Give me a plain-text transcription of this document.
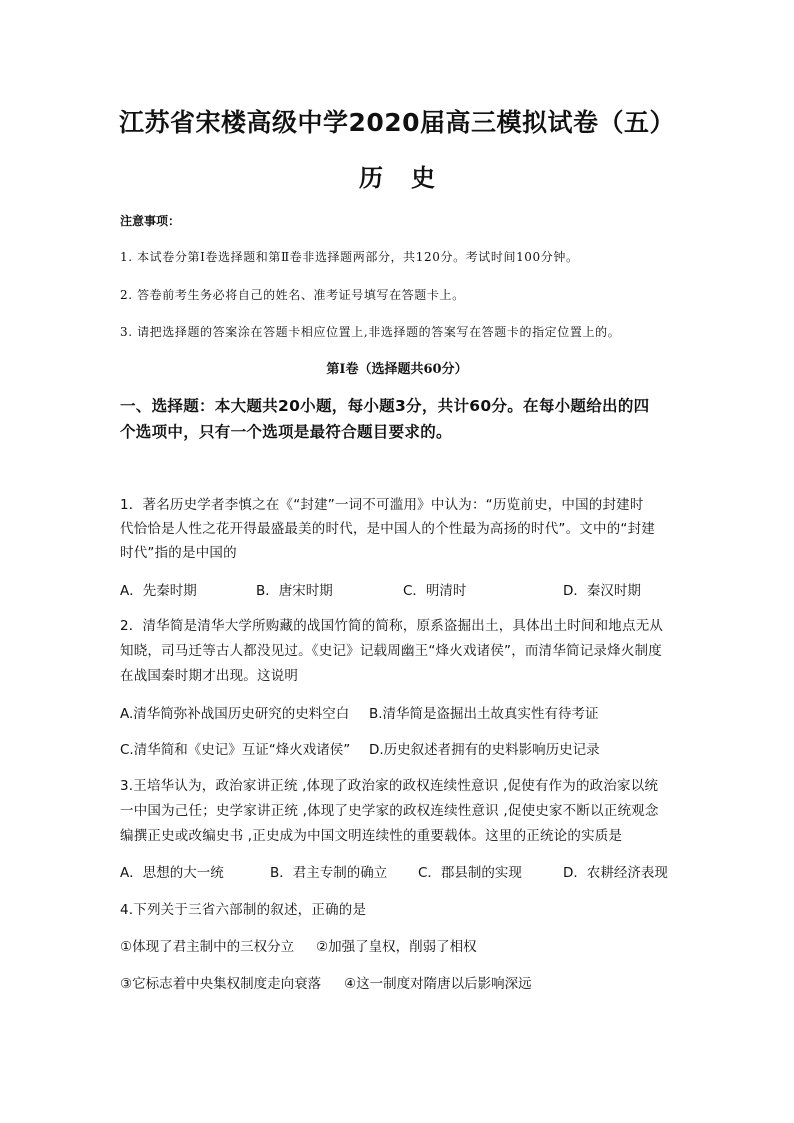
江苏省宋楼高级中学2020届高三模拟试卷（五）
历史
注意事项：
1. 本试卷分第Ⅰ卷选择题和第Ⅱ卷非选择题两部分，共120分。考试时间100分钟。
2. 答卷前考生务必将自己的姓名、准考证号填写在答题卡上。
3. 请把选择题的答案涂在答题卡相应位置上,非选择题的答案写在答题卡的指定位置上的。
第Ⅰ卷（选择题共60分）
一、选择题：本大题共20小题，每小题3分，共计60分。在每小题给出的四
个选项中，只有一个选项是最符合题目要求的。
1．著名历史学者李慎之在《“封建”一词不可滥用》中认为：“历览前史，中国的封建时
代恰恰是人性之花开得最盛最美的时代，是中国人的个性最为高扬的时代”。文中的“封建
时代”指的是中国的
A．先秦时期	B．唐宋时期	C．明清时	D．秦汉时期
2．清华简是清华大学所购藏的战国竹简的简称，原系盗掘出土，具体出土时间和地点无从
知晓，司马迁等古人都没见过。《史记》记载周幽王“烽火戏诸侯”，而清华简记录烽火制度
在战国秦时期才出现。这说明
A.清华简弥补战国历史研究的史料空白 B.清华简是盗掘出土故真实性有待考证
C.清华简和《史记》互证“烽火戏诸侯” D.历史叙述者拥有的史料影响历史记录
3.王培华认为，政治家讲正统 ,体现了政治家的政权连续性意识 ,促使有作为的政治家以统
一中国为己任；史学家讲正统 ,体现了史学家的政权连续性意识 ,促使史家不断以正统观念
编撰正史或改编史书 ,正史成为中国文明连续性的重要载体。这里的正统论的实质是
A．思想的大一统	B．君主专制的确立 C．郡县制的实现	D．农耕经济表现
4.下列关于三省六部制的叙述，正确的是
①体现了君主制中的三权分立 ②加强了皇权，削弱了相权
③它标志着中央集权制度走向衰落 ④这一制度对隋唐以后影响深远
